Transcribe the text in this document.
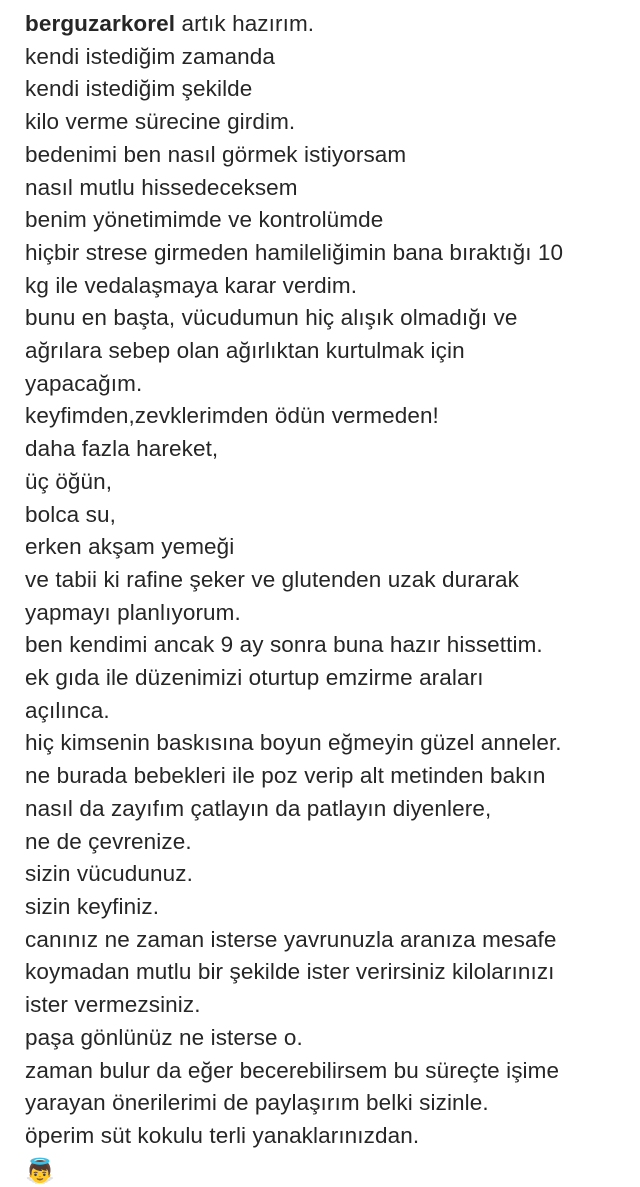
berguzarkorel artık hazırım.
kendi istediğim zamanda
kendi istediğim şekilde
kilo verme sürecine girdim.
bedenimi ben nasıl görmek istiyorsam
nasıl mutlu hissedeceksem
benim yönetimimde ve kontrolümde
hiçbir strese girmeden hamileliğimin bana bıraktığı 10
kg ile vedalaşmaya karar verdim.
bunu en başta, vücudumun hiç alışık olmadığı ve
ağrılara sebep olan ağırlıktan kurtulmak için
yapacağım.
keyfimden,zevklerimden ödün vermeden!
daha fazla hareket,
üç öğün,
bolca su,
erken akşam yemeği
ve tabii ki rafine şeker ve glutenden uzak durarak
yapmayı planlıyorum.
ben kendimi ancak 9 ay sonra buna hazır hissettim.
ek gıda ile düzenimizi oturtup emzirme araları
açılınca.
hiç kimsenin baskısına boyun eğmeyin güzel anneler.
ne burada bebekleri ile poz verip alt metinden bakın
nasıl da zayıfım çatlayın da patlayın diyenlere,
ne de çevrenize.
sizin vücudunuz.
sizin keyfiniz.
canınız ne zaman isterse yavrunuzla aranıza mesafe
koymadan mutlu bir şekilde ister verirsiniz kilolarınızı
ister vermezsiniz.
paşa gönlünüz ne isterse o.
zaman bulur da eğer becerebilirsem bu süreçte işime
yarayan önerilerimi de paylaşırım belki sizinle.
öperim süt kokulu terli yanaklarınızdan.
👼
